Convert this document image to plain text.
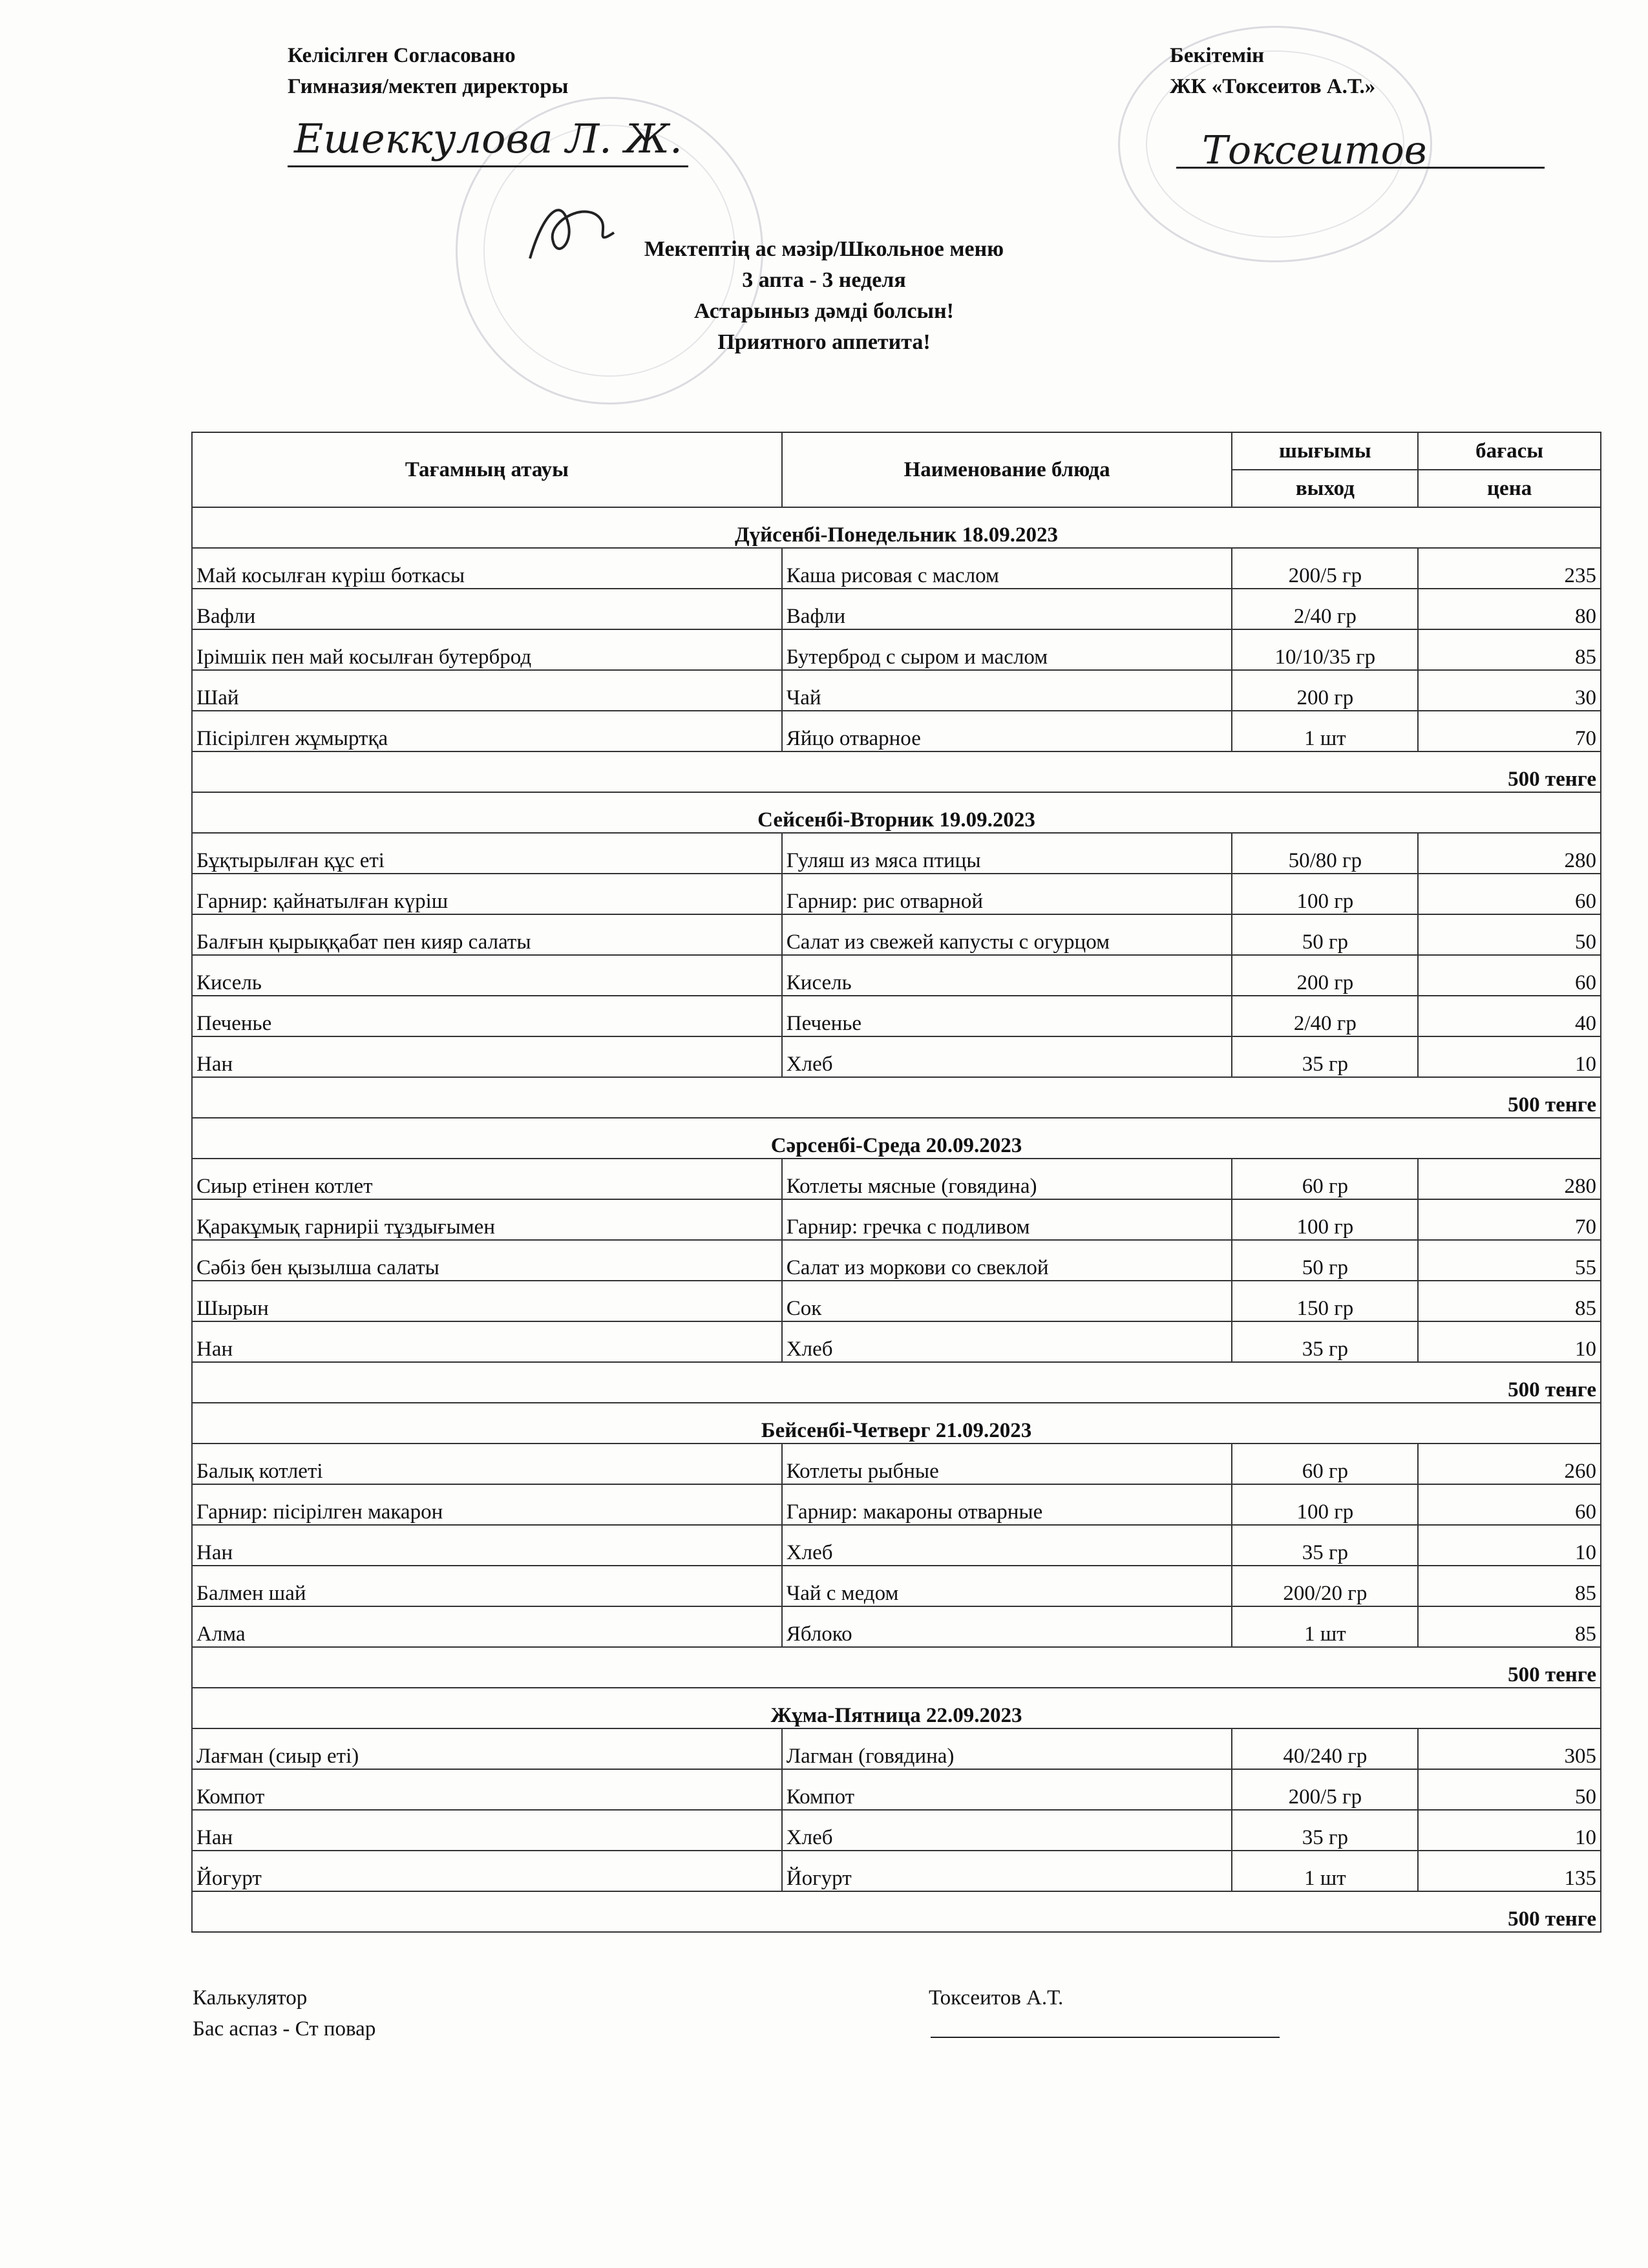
Келісілген Согласовано
Гимназия/мектеп директоры
Ешеккулова Л. Ж.
Бекітемін
ЖК «Токсеитов А.Т.»
Токсеитов
Мектептің ас мәзір/Школьное меню
3 апта - 3 неделя
Астарыныз дәмді болсын!
Приятного аппетита!
Тағамның атауы	Наименование блюда	шығымы	бағасы
		выход	цена
Дүйсенбі-Понедельник 18.09.2023			
Май косылған күріш боткасы	Каша рисовая с маслом	200/5 гр	235
Вафли	Вафли	2/40 гр	80
Ірімшік пен май косылған бутерброд	Бутерброд с сыром и маслом	10/10/35 гр	85
Шай	Чай	200 гр	30
Пісірілген жұмыртқа	Яйцо отварное	1 шт	70
500 тенге			
Сейсенбі-Вторник 19.09.2023			
Бұқтырылған құс еті	Гуляш из мяса птицы	50/80 гр	280
Гарнир: қайнатылған күріш	Гарнир: рис отварной	100 гр	60
Балғын қырыққабат пен кияр салаты	Салат из свежей капусты с огурцом	50 гр	50
Кисель	Кисель	200 гр	60
Печенье	Печенье	2/40 гр	40
Нан	Хлеб	35 гр	10
500 тенге			
Сәрсенбі-Среда 20.09.2023			
Сиыр етінен котлет	Котлеты мясные (говядина)	60 гр	280
Қаракұмық гарниріі тұздығымен	Гарнир: гречка с подливом	100 гр	70
Сәбіз бен қызылша салаты	Салат из моркови со свеклой	50 гр	55
Шырын	Сок	150 гр	85
Нан	Хлеб	35 гр	10
500 тенге			
Бейсенбі-Четверг 21.09.2023			
Балық котлеті	Котлеты рыбные	60 гр	260
Гарнир: пісірілген макарон	Гарнир: макароны отварные	100 гр	60
Нан	Хлеб	35 гр	10
Балмен шай	Чай с медом	200/20 гр	85
Алма	Яблоко	1 шт	85
500 тенге			
Жұма-Пятница 22.09.2023			
Лағман (сиыр еті)	Лагман (говядина)	40/240 гр	305
Компот	Компот	200/5 гр	50
Нан	Хлеб	35 гр	10
Йогурт	Йогурт	1 шт	135
500 тенге			
Калькулятор
Бас аспаз - Ст повар
Токсеитов А.Т.
